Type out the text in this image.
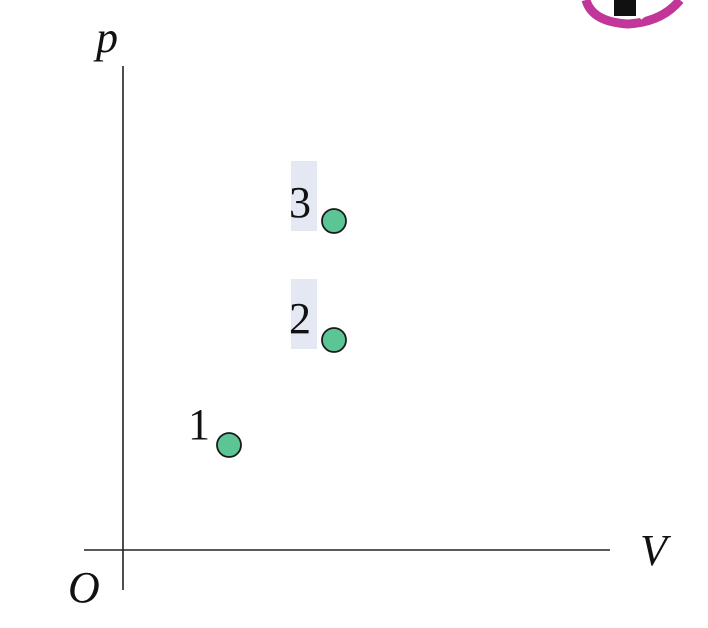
p
V
O
3
2
1
